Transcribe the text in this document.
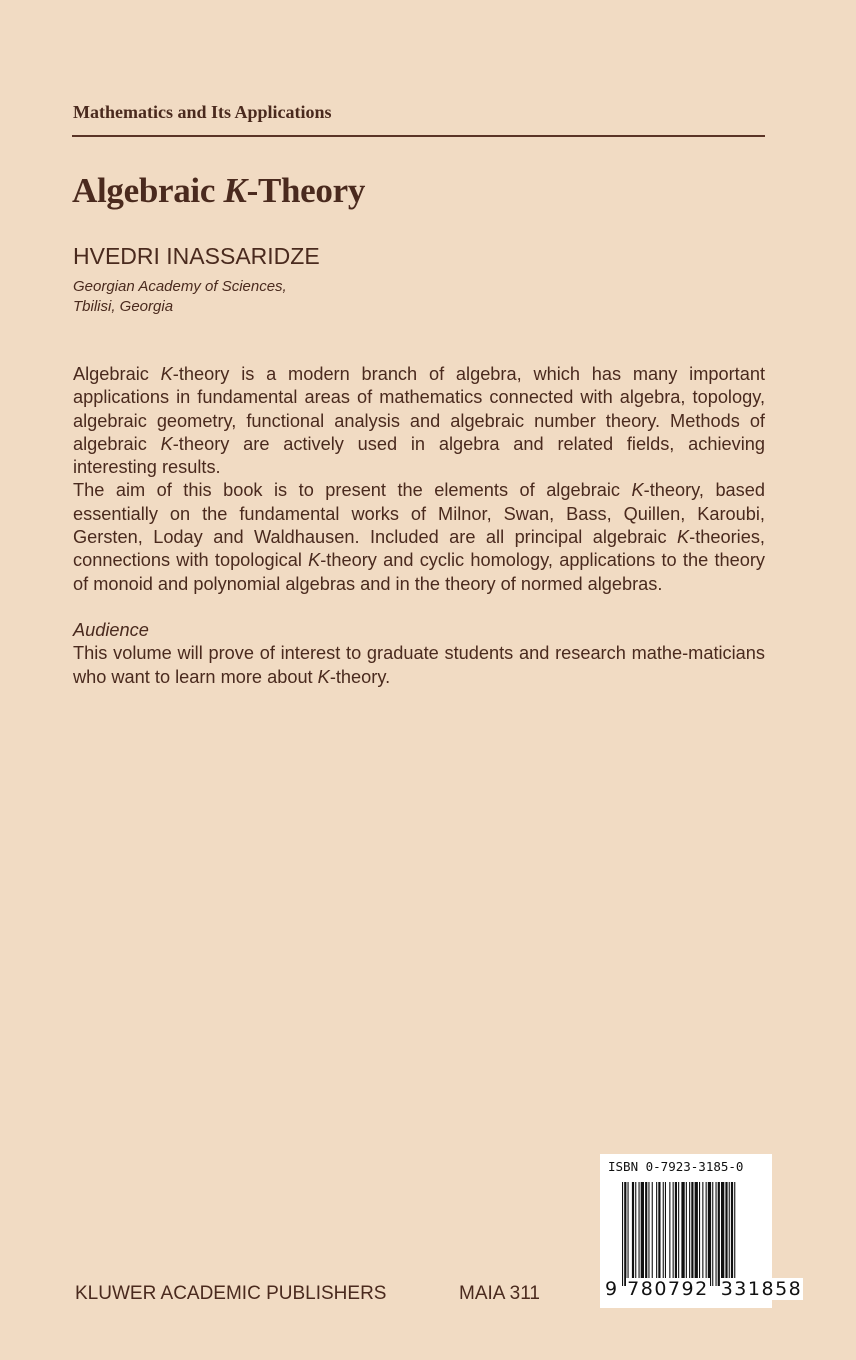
Mathematics and Its Applications
Algebraic K-Theory
HVEDRI INASSARIDZE
Georgian Academy of Sciences,
Tbilisi, Georgia

Algebraic K-theory is a modern branch of algebra, which has many important applications in fundamental areas of mathematics connected with algebra, topology, algebraic geometry, functional analysis and algebraic number theory. Methods of algebraic K-theory are actively used in algebra and related fields, achieving interesting results.

The aim of this book is to present the elements of algebraic K-theory, based essentially on the fundamental works of Milnor, Swan, Bass, Quillen, Karoubi, Gersten, Loday and Waldhausen. Included are all principal algebraic K-theories, connections with topological K-theory and cyclic homology, applications to the theory of monoid and polynomial algebras and in the theory of normed algebras.

Audience

This volume will prove of interest to graduate students and research mathe-maticians who want to learn more about K-theory.

ISBN 0-7923-3185-0
9 780792 331858
KLUWER ACADEMIC PUBLISHERS	MAIA 311
